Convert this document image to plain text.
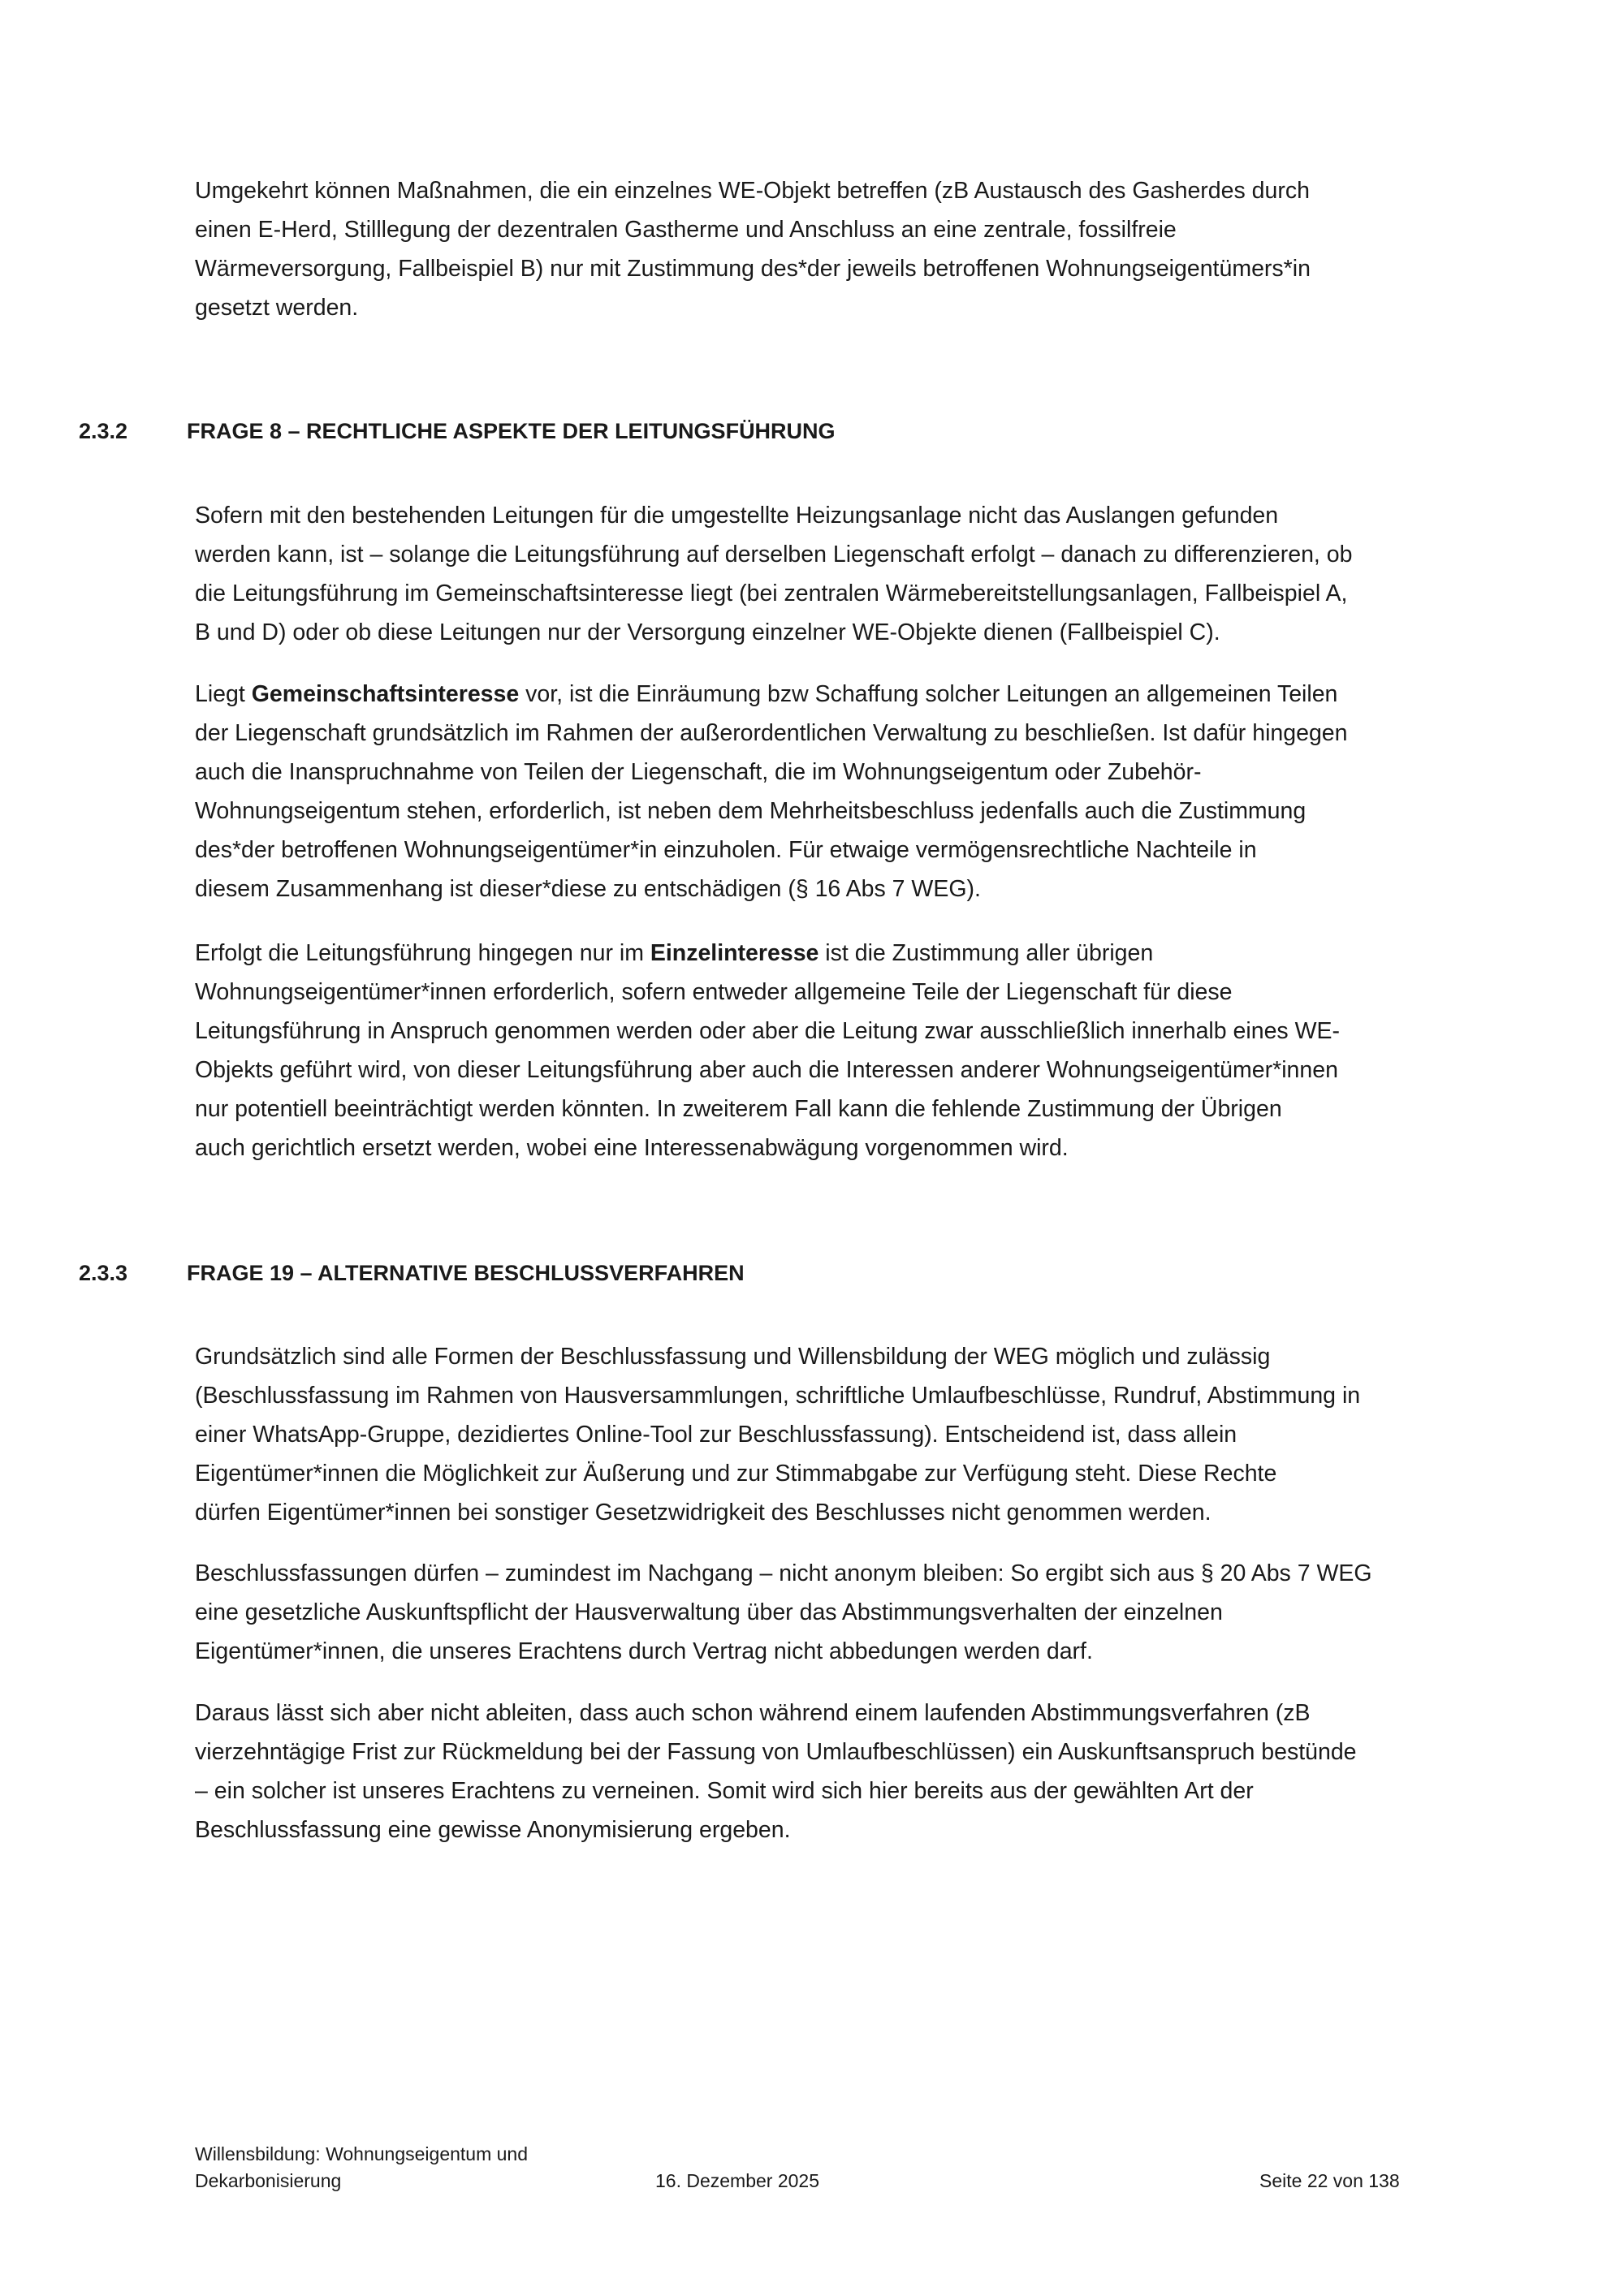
Umgekehrt können Maßnahmen, die ein einzelnes WE-Objekt betreffen (zB Austausch des Gasherdes durch
einen E-Herd, Stilllegung der dezentralen Gastherme und Anschluss an eine zentrale, fossilfreie
Wärmeversorgung, Fallbeispiel B) nur mit Zustimmung des*der jeweils betroffenen Wohnungseigentümers*in
gesetzt werden.

2.3.2	FRAGE 8 – RECHTLICHE ASPEKTE DER LEITUNGSFÜHRUNG

Sofern mit den bestehenden Leitungen für die umgestellte Heizungsanlage nicht das Auslangen gefunden
werden kann, ist – solange die Leitungsführung auf derselben Liegenschaft erfolgt – danach zu differenzieren, ob
die Leitungsführung im Gemeinschaftsinteresse liegt (bei zentralen Wärmebereitstellungsanlagen, Fallbeispiel A,
B und D) oder ob diese Leitungen nur der Versorgung einzelner WE-Objekte dienen (Fallbeispiel C).

Liegt Gemeinschaftsinteresse vor, ist die Einräumung bzw Schaffung solcher Leitungen an allgemeinen Teilen
der Liegenschaft grundsätzlich im Rahmen der außerordentlichen Verwaltung zu beschließen. Ist dafür hingegen
auch die Inanspruchnahme von Teilen der Liegenschaft, die im Wohnungseigentum oder Zubehör-
Wohnungseigentum stehen, erforderlich, ist neben dem Mehrheitsbeschluss jedenfalls auch die Zustimmung
des*der betroffenen Wohnungseigentümer*in einzuholen. Für etwaige vermögensrechtliche Nachteile in
diesem Zusammenhang ist dieser*diese zu entschädigen (§ 16 Abs 7 WEG).

Erfolgt die Leitungsführung hingegen nur im Einzelinteresse ist die Zustimmung aller übrigen
Wohnungseigentümer*innen erforderlich, sofern entweder allgemeine Teile der Liegenschaft für diese
Leitungsführung in Anspruch genommen werden oder aber die Leitung zwar ausschließlich innerhalb eines WE-
Objekts geführt wird, von dieser Leitungsführung aber auch die Interessen anderer Wohnungseigentümer*innen
nur potentiell beeinträchtigt werden könnten. In zweiterem Fall kann die fehlende Zustimmung der Übrigen
auch gerichtlich ersetzt werden, wobei eine Interessenabwägung vorgenommen wird.

2.3.3	FRAGE 19 – ALTERNATIVE BESCHLUSSVERFAHREN

Grundsätzlich sind alle Formen der Beschlussfassung und Willensbildung der WEG möglich und zulässig
(Beschlussfassung im Rahmen von Hausversammlungen, schriftliche Umlaufbeschlüsse, Rundruf, Abstimmung in
einer WhatsApp-Gruppe, dezidiertes Online-Tool zur Beschlussfassung). Entscheidend ist, dass allein
Eigentümer*innen die Möglichkeit zur Äußerung und zur Stimmabgabe zur Verfügung steht. Diese Rechte
dürfen Eigentümer*innen bei sonstiger Gesetzwidrigkeit des Beschlusses nicht genommen werden.

Beschlussfassungen dürfen – zumindest im Nachgang – nicht anonym bleiben: So ergibt sich aus § 20 Abs 7 WEG
eine gesetzliche Auskunftspflicht der Hausverwaltung über das Abstimmungsverhalten der einzelnen
Eigentümer*innen, die unseres Erachtens durch Vertrag nicht abbedungen werden darf.

Daraus lässt sich aber nicht ableiten, dass auch schon während einem laufenden Abstimmungsverfahren (zB
vierzehntägige Frist zur Rückmeldung bei der Fassung von Umlaufbeschlüssen) ein Auskunftsanspruch bestünde
– ein solcher ist unseres Erachtens zu verneinen. Somit wird sich hier bereits aus der gewählten Art der
Beschlussfassung eine gewisse Anonymisierung ergeben.

Willensbildung: Wohnungseigentum und
Dekarbonisierung	16. Dezember 2025	Seite 22 von 138
